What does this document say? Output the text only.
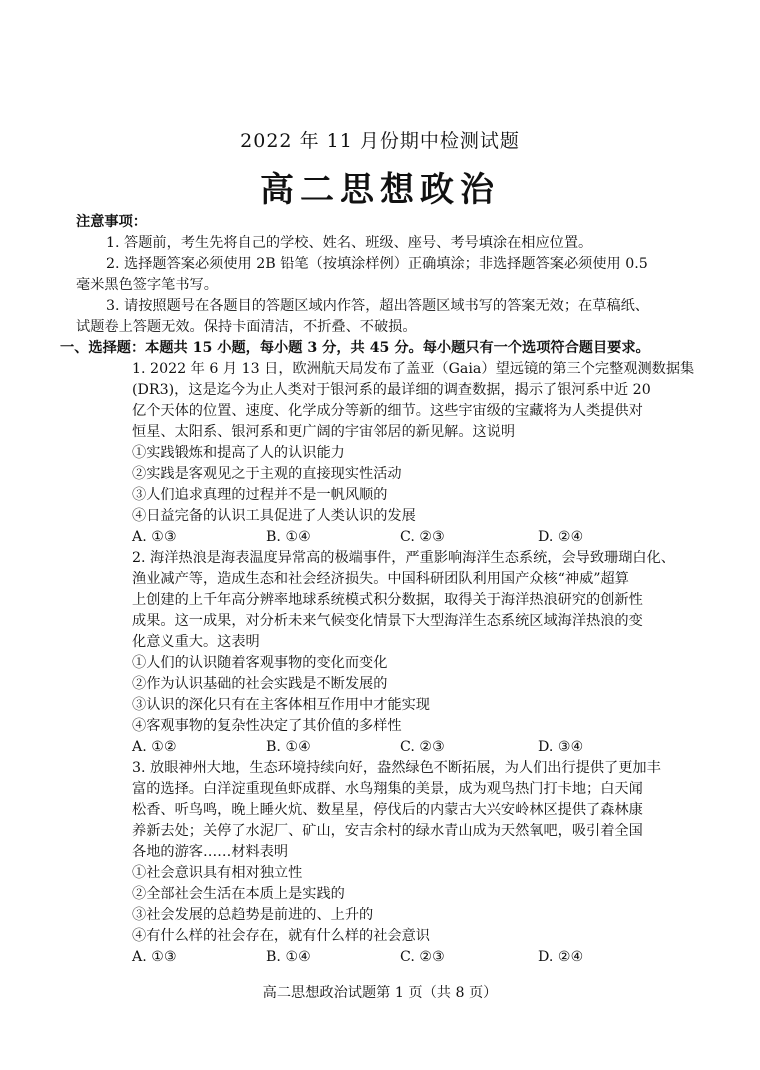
2022 年 11 月份期中检测试题
高二思想政治
注意事项：
1. 答题前，考生先将自己的学校、姓名、班级、座号、考号填涂在相应位置。
2. 选择题答案必须使用 2B 铅笔（按填涂样例）正确填涂；非选择题答案必须使用 0.5
毫米黑色签字笔书写。
3. 请按照题号在各题目的答题区域内作答，超出答题区域书写的答案无效；在草稿纸、
试题卷上答题无效。保持卡面清洁，不折叠、不破损。
一、选择题：本题共 15 小题，每小题 3 分，共 45 分。每小题只有一个选项符合题目要求。
1. 2022 年 6 月 13 日，欧洲航天局发布了盖亚（Gaia）望远镜的第三个完整观测数据集
(DR3)，这是迄今为止人类对于银河系的最详细的调查数据，揭示了银河系中近 20
亿个天体的位置、速度、化学成分等新的细节。这些宇宙级的宝藏将为人类提供对
恒星、太阳系、银河系和更广阔的宇宙邻居的新见解。这说明
①实践锻炼和提高了人的认识能力
②实践是客观见之于主观的直接现实性活动
③人们追求真理的过程并不是一帆风顺的
④日益完备的认识工具促进了人类认识的发展
A. ①③	B. ①④	C. ②③	D. ②④
2. 海洋热浪是海表温度异常高的极端事件，严重影响海洋生态系统，会导致珊瑚白化、
渔业减产等，造成生态和社会经济损失。中国科研团队利用国产众核“神威”超算
上创建的上千年高分辨率地球系统模式积分数据，取得关于海洋热浪研究的创新性
成果。这一成果，对分析未来气候变化情景下大型海洋生态系统区域海洋热浪的变
化意义重大。这表明
①人们的认识随着客观事物的变化而变化
②作为认识基础的社会实践是不断发展的
③认识的深化只有在主客体相互作用中才能实现
④客观事物的复杂性决定了其价值的多样性
A. ①②	B. ①④	C. ②③	D. ③④
3. 放眼神州大地，生态环境持续向好，盎然绿色不断拓展，为人们出行提供了更加丰
富的选择。白洋淀重现鱼虾成群、水鸟翔集的美景，成为观鸟热门打卡地；白天闻
松香、听鸟鸣，晚上睡火炕、数星星，停伐后的内蒙古大兴安岭林区提供了森林康
养新去处；关停了水泥厂、矿山，安吉余村的绿水青山成为天然氧吧，吸引着全国
各地的游客……材料表明
①社会意识具有相对独立性
②全部社会生活在本质上是实践的
③社会发展的总趋势是前进的、上升的
④有什么样的社会存在，就有什么样的社会意识
A. ①③	B. ①④	C. ②③	D. ②④
高二思想政治试题第 1 页（共 8 页）
